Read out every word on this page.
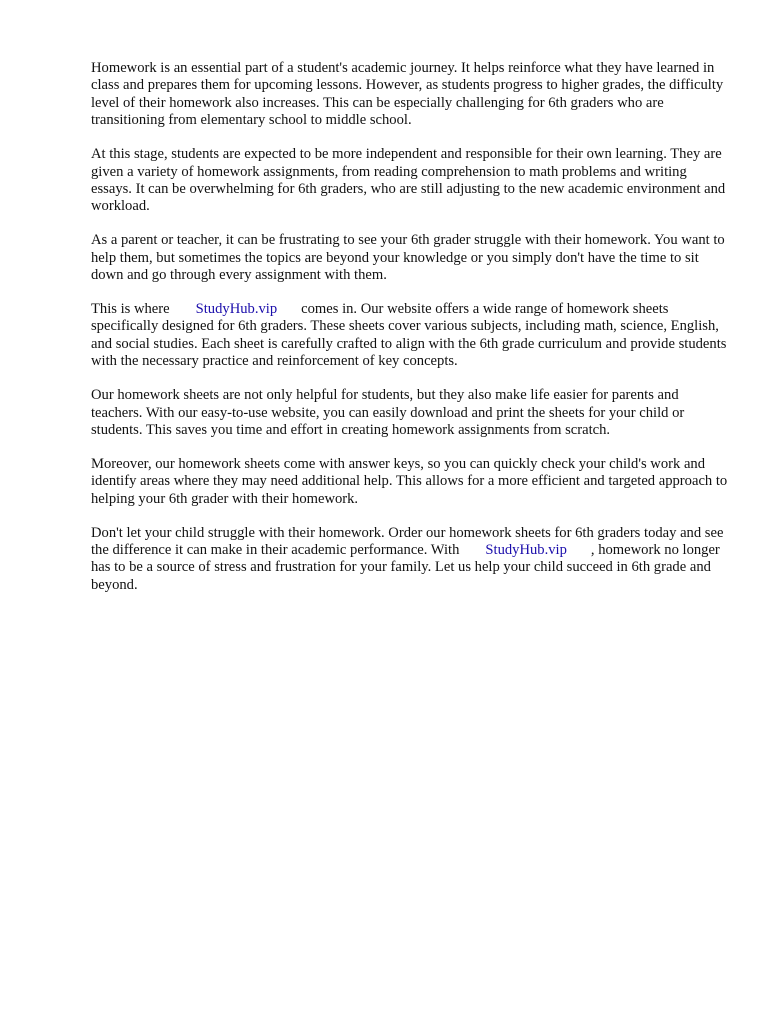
Homework is an essential part of a student's academic journey. It helps reinforce what they have learned in class and prepares them for upcoming lessons. However, as students progress to higher grades, the difficulty level of their homework also increases. This can be especially challenging for 6th graders who are transitioning from elementary school to middle school.

At this stage, students are expected to be more independent and responsible for their own learning. They are given a variety of homework assignments, from reading comprehension to math problems and writing essays. It can be overwhelming for 6th graders, who are still adjusting to the new academic environment and workload.

As a parent or teacher, it can be frustrating to see your 6th grader struggle with their homework. You want to help them, but sometimes the topics are beyond your knowledge or you simply don't have the time to sit down and go through every assignment with them.

This is where StudyHub.vip comes in. Our website offers a wide range of homework sheets specifically designed for 6th graders. These sheets cover various subjects, including math, science, English, and social studies. Each sheet is carefully crafted to align with the 6th grade curriculum and provide students with the necessary practice and reinforcement of key concepts.

Our homework sheets are not only helpful for students, but they also make life easier for parents and teachers. With our easy-to-use website, you can easily download and print the sheets for your child or students. This saves you time and effort in creating homework assignments from scratch.

Moreover, our homework sheets come with answer keys, so you can quickly check your child's work and identify areas where they may need additional help. This allows for a more efficient and targeted approach to helping your 6th grader with their homework.

Don't let your child struggle with their homework. Order our homework sheets for 6th graders today and see the difference it can make in their academic performance. With StudyHub.vip , homework no longer has to be a source of stress and frustration for your family. Let us help your child succeed in 6th grade and beyond.
